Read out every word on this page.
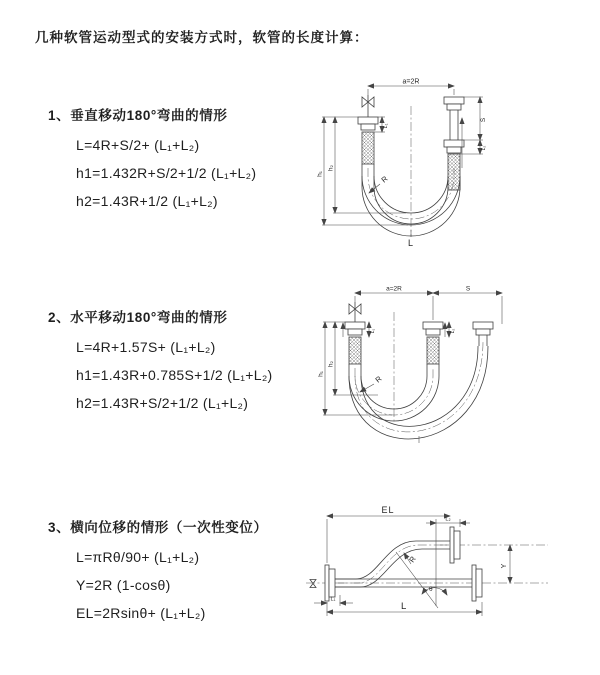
几种软管运动型式的安装方式时，软管的长度计算：
1、垂直移动180°弯曲的情形
L=4R+S/2+ (L₁+L₂)
h1=1.432R+S/2+1/2 (L₁+L₂)
h2=1.43R+1/2 (L₁+L₂)
2、水平移动180°弯曲的情形
L=4R+1.57S+ (L₁+L₂)
h1=1.43R+0.785S+1/2 (L₁+L₂)
h2=1.43R+S/2+1/2 (L₁+L₂)
3、横向位移的情形（一次性变位）
L=πRθ/90+ (L₁+L₂)
Y=2R (1-cosθ)
EL=2Rsinθ+ (L₁+L₂)
a=2R
h₁
h₂
L₁
S
L₂
R
L
a=2R	S
h₁
h₂
L₁	L₂
R
EL
L₂
Y
L
L₁
θ
R
